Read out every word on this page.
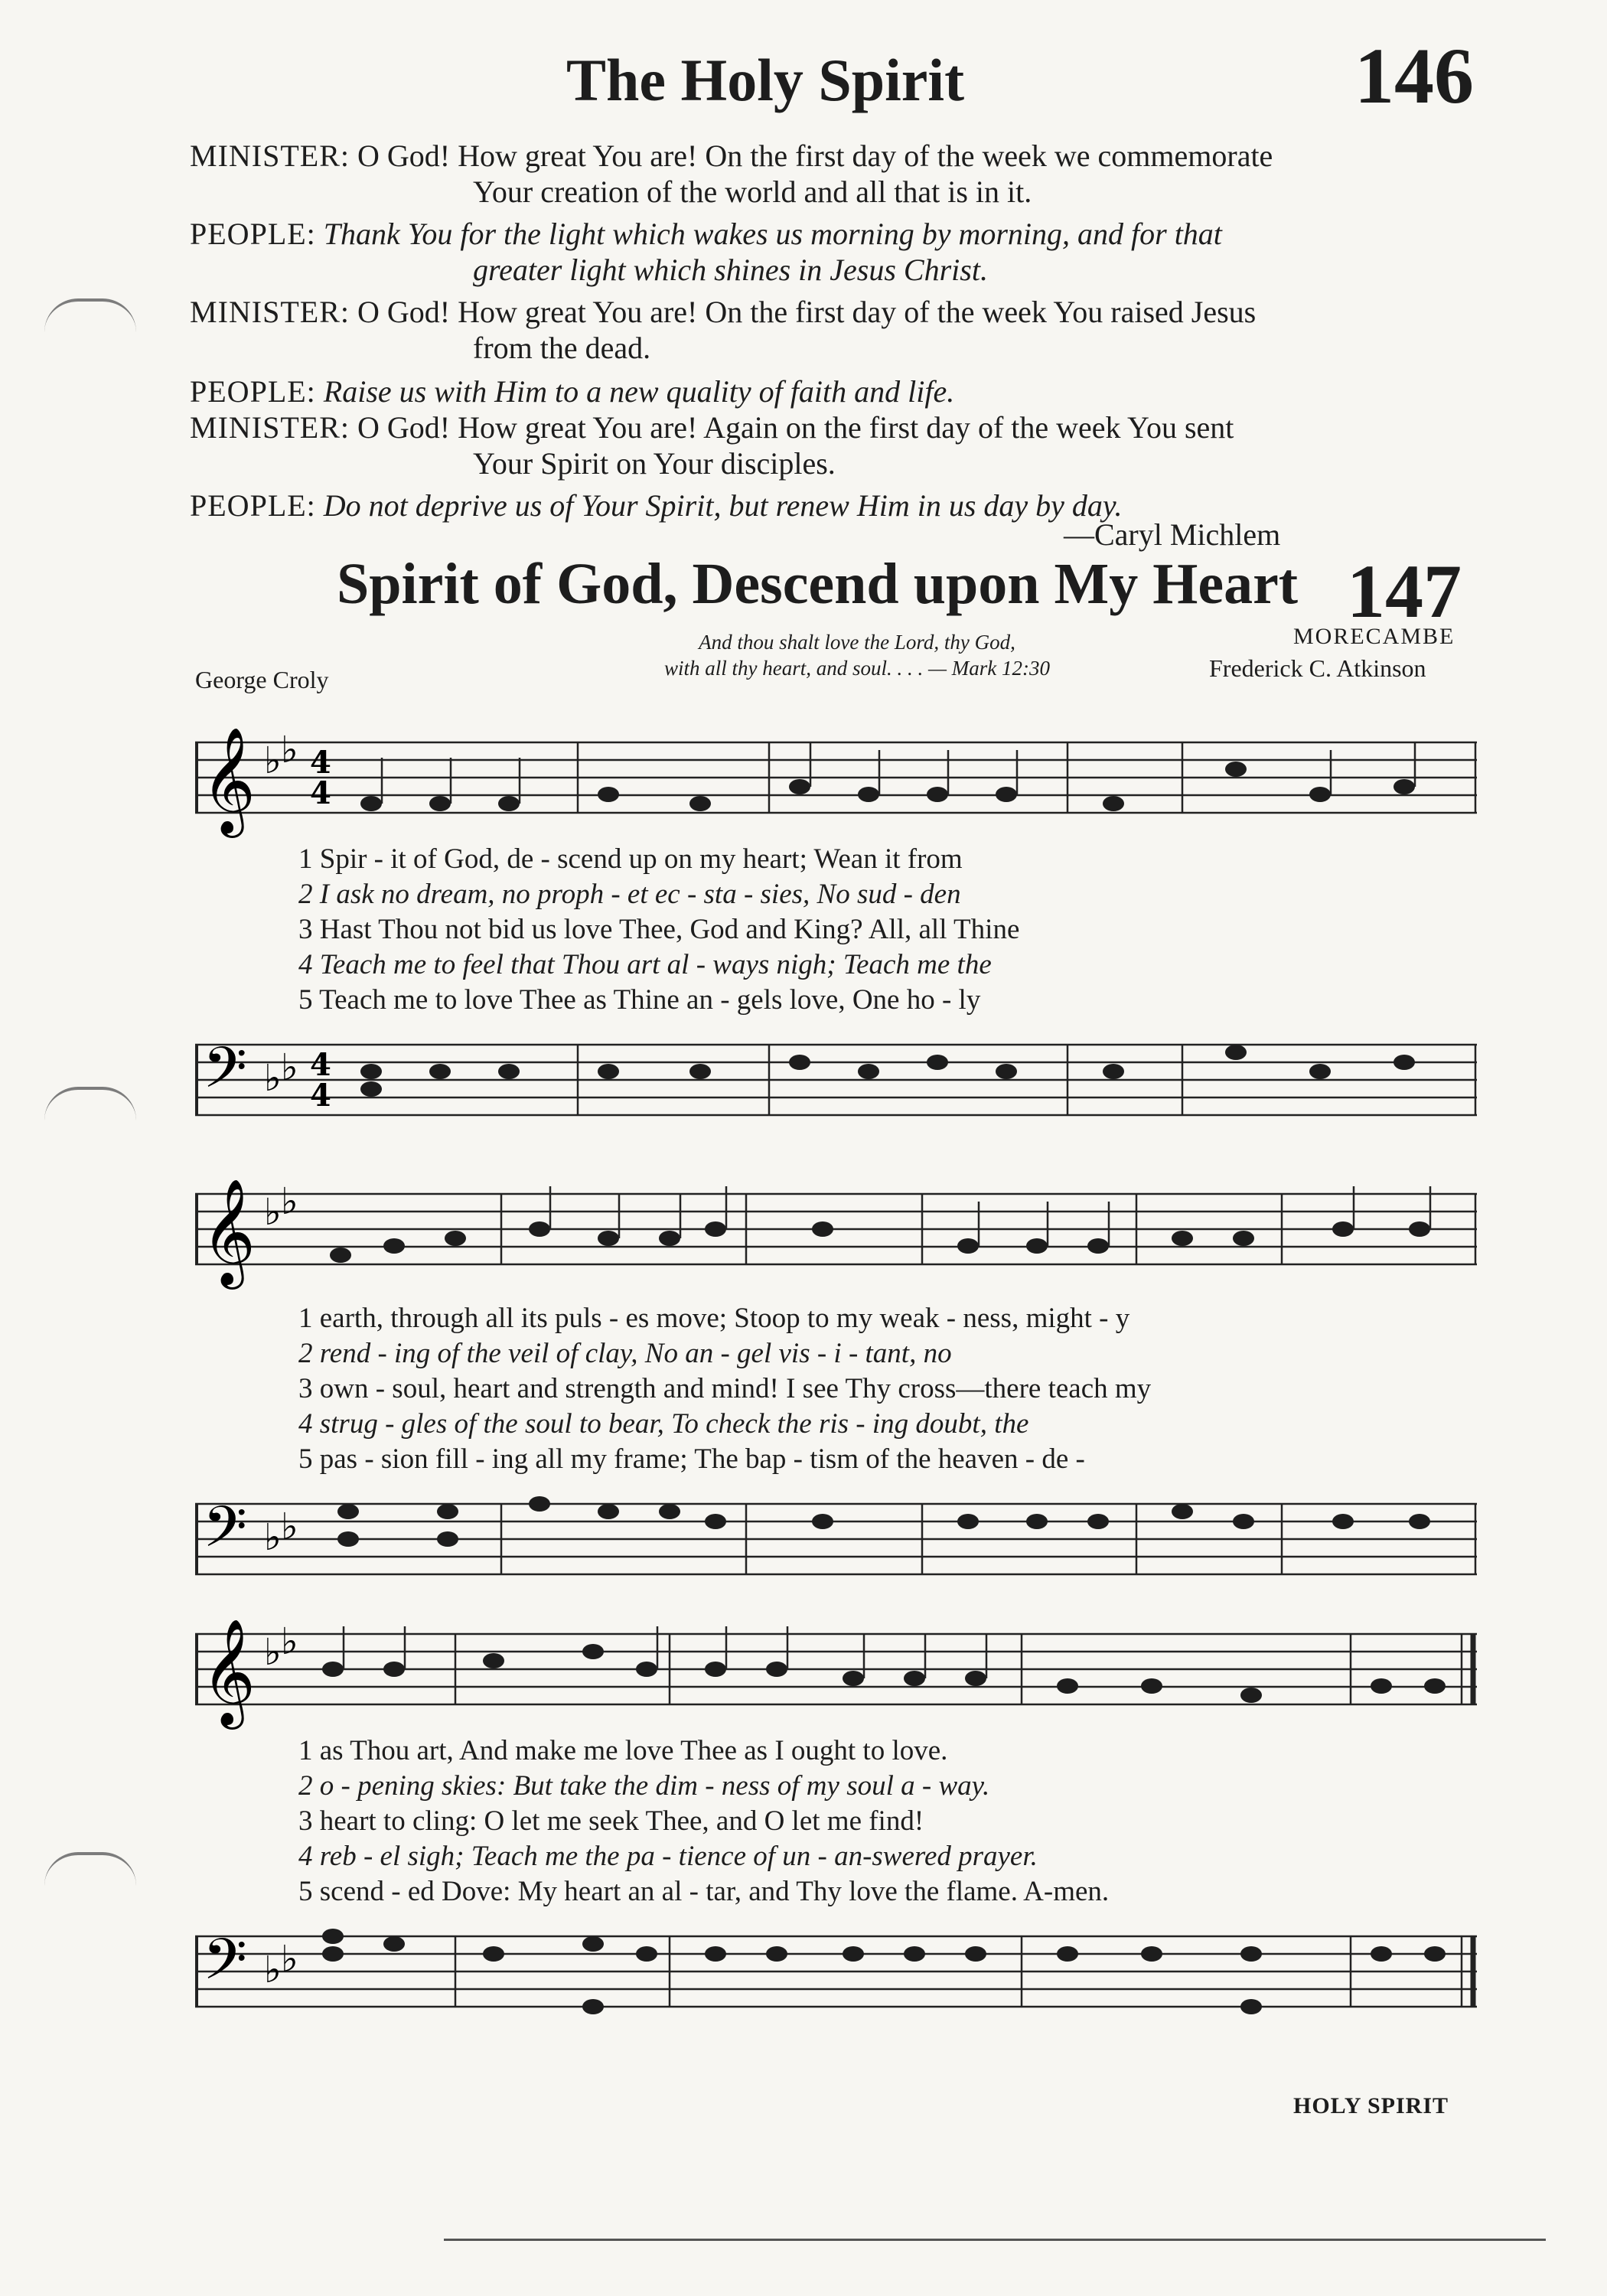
The Holy Spirit	146
MINISTER: O God! How great You are! On the first day of the week we commemorate
Your creation of the world and all that is in it.
PEOPLE: Thank You for the light which wakes us morning by morning, and for that
greater light which shines in Jesus Christ.
MINISTER: O God! How great You are! On the first day of the week You raised Jesus
from the dead.
PEOPLE: Raise us with Him to a new quality of faith and life.
MINISTER: O God! How great You are! Again on the first day of the week You sent
Your Spirit on Your disciples.
PEOPLE: Do not deprive us of Your Spirit, but renew Him in us day by day.
—Caryl Michlem
Spirit of God, Descend upon My Heart 147
And thou shalt love the Lord, thy God,
with all thy heart, and soul. . . . — Mark 12:30
MORECAMBE
Frederick C. Atkinson
George Croly
𝄞 ♭ ♭ 4
4
1 Spir - it of God, de - scend up on my heart; Wean it from
2 I ask no dream, no proph - et ec - sta - sies, No sud - den
3 Hast Thou not bid us love Thee, God and King? All, all Thine
4 Teach me to feel that Thou art al - ways nigh; Teach me the
5 Teach me to love Thee as Thine an - gels love, One ho - ly
𝄢 ♭ ♭ 4
4
𝄞 ♭ ♭
1 earth, through all its puls - es move; Stoop to my weak - ness, might - y
2 rend - ing of the veil of clay, No an - gel vis - i - tant, no
3 own - soul, heart and strength and mind! I see Thy cross—there teach my
4 strug - gles of the soul to bear, To check the ris - ing doubt, the
5 pas - sion fill - ing all my frame; The bap - tism of the heaven - de -
𝄢 ♭ ♭
𝄞 ♭ ♭
1 as Thou art, And make me love Thee as I ought to love.
2 o - pening skies: But take the dim - ness of my soul a - way.
3 heart to cling: O let me seek Thee, and O let me find!
4 reb - el sigh; Teach me the pa - tience of un - an-swered prayer.
5 scend - ed Dove: My heart an al - tar, and Thy love the flame. A-men.
𝄢 ♭ ♭
HOLY SPIRIT
